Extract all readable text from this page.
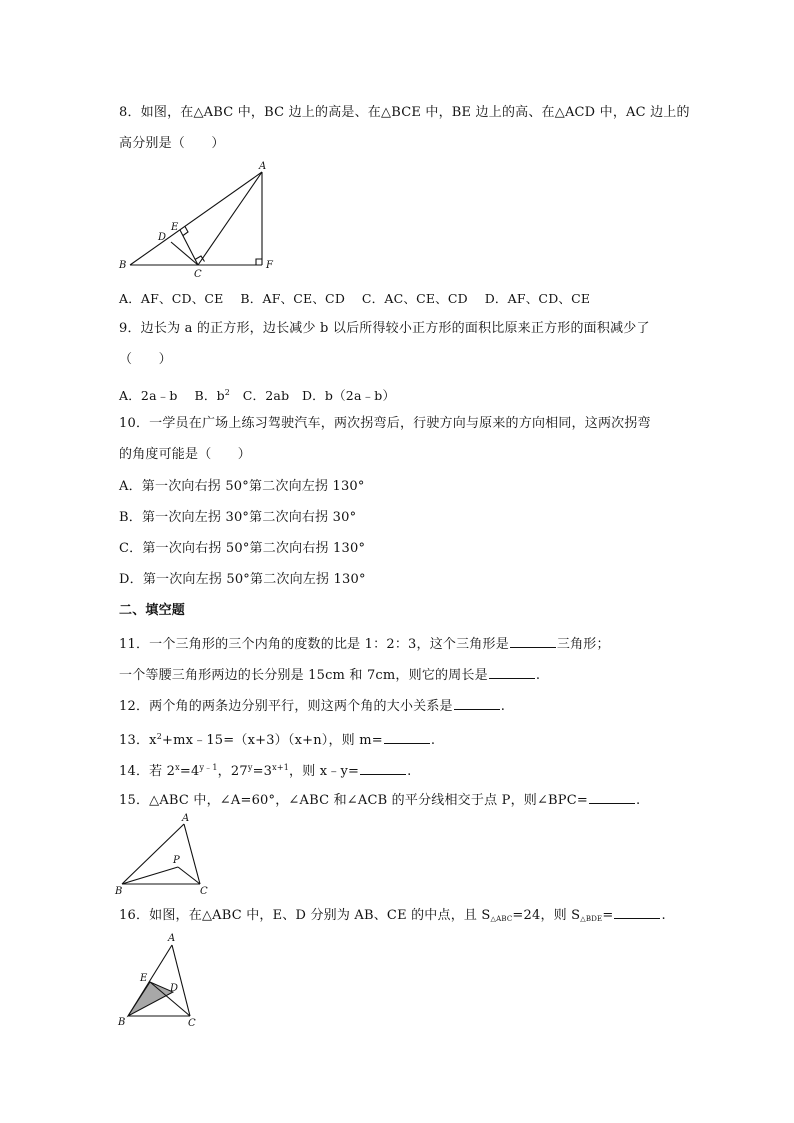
8．如图，在△ABC 中，BC 边上的高是、在△BCE 中，BE 边上的高、在△ACD 中，AC 边上的
高分别是（　　）
A
B
C
D
E
F
A．AF、CD、CE　 B．AF、CE、CD　 C．AC、CE、CD　 D．AF、CD、CE
9．边长为 a 的正方形，边长减少 b 以后所得较小正方形的面积比原来正方形的面积减少了
（　　）
A．2a﹣b　 B．$b^2$　C．2ab　D．b（2a﹣b）
10．一学员在广场上练习驾驶汽车，两次拐弯后，行驶方向与原来的方向相同，这两次拐弯
的角度可能是（　　）
A．第一次向右拐 50°第二次向左拐 130°
B．第一次向左拐 30°第二次向右拐 30°
C．第一次向右拐 50°第二次向右拐 130°
D．第一次向左拐 50°第二次向左拐 130°
二、填空题
11．一个三角形的三个内角的度数的比是 1：2：3，这个三角形是	三角形；
一个等腰三角形两边的长分别是 15cm 和 7cm，则它的周长是	.
12．两个角的两条边分别平行，则这两个角的大小关系是	.
13．$x^2+mx﹣15=(x+3)(x+n)$，则 m=	.
14．若 $2^x=4^{y﹣1}$，$27^y=3^{x+1}$，则 x﹣y=	.
15．△ABC 中，∠A=60°，∠ABC 和∠ACB 的平分线相交于点 P，则∠BPC=	.
A
B	C
P
16．如图，在△ABC 中，E、D 分别为 AB、CE 的中点，且 $S_{\triangle ABC}=24$，则 $S_{\triangle BDE}=$	.
A
B	C
D
E
